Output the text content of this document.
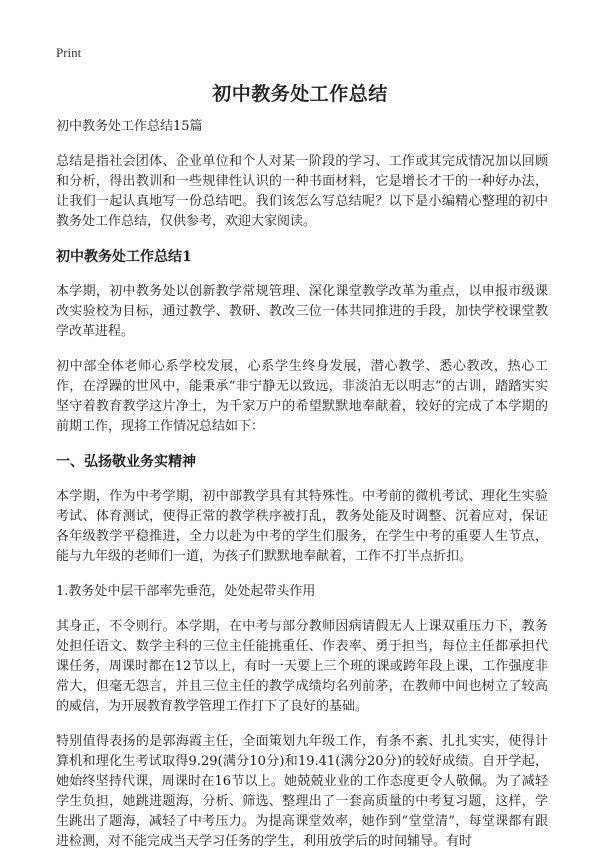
Print
初中教务处工作总结
初中教务处工作总结15篇

总结是指社会团体、企业单位和个人对某一阶段的学习、工作或其完成情况加以回顾和分析，得出教训和一些规律性认识的一种书面材料，它是增长才干的一种好办法，让我们一起认真地写一份总结吧。我们该怎么写总结呢？以下是小编精心整理的初中教务处工作总结，仅供参考，欢迎大家阅读。

初中教务处工作总结1

本学期，初中教务处以创新教学常规管理、深化课堂教学改革为重点，以申报市级课改实验校为目标，通过教学、教研、教改三位一体共同推进的手段，加快学校课堂教学改革进程。

初中部全体老师心系学校发展，心系学生终身发展，潜心教学、悉心教改，热心工作，在浮躁的世风中，能秉承“非宁静无以致远，非淡泊无以明志”的古训，踏踏实实坚守着教育教学这片净土，为千家万户的希望默默地奉献着，较好的完成了本学期的前期工作，现将工作情况总结如下：

一、弘扬敬业务实精神

本学期，作为中考学期，初中部教学具有其特殊性。中考前的微机考试、理化生实验考试、体育测试，使得正常的教学秩序被打乱，教务处能及时调整、沉着应对，保证各年级教学平稳推进，全力以赴为中考的学生们服务，在学生中考的重要人生节点，能与九年级的老师们一道，为孩子们默默地奉献着，工作不打半点折扣。

1.教务处中层干部率先垂范，处处起带头作用

其身正，不令则行。本学期，在中考与部分教师因病请假无人上课双重压力下，教务处担任语文、数学主科的三位主任能挑重任、作表率、勇于担当，每位主任都承担代课任务，周课时都在12节以上，有时一天要上三个班的课或跨年段上课，工作强度非常大，但毫无怨言，并且三位主任的教学成绩均名列前茅，在教师中间也树立了较高的威信，为开展教育教学管理工作打下了良好的基础。

特别值得表扬的是郭海霞主任，全面策划九年级工作，有条不紊、扎扎实实，使得计算机和理化生考试取得9.29(满分10分)和19.41(满分20分)的较好成绩。自开学起，她始终坚持代课，周课时在16节以上。她兢兢业业的工作态度更令人敬佩。为了减轻学生负担，她跳进题海，分析、筛选、整理出了一套高质量的中考复习题，这样，学生跳出了题海，减轻了中考压力。为提高课堂效率，她作到“堂堂清”，每堂课都有跟进检测，对不能完成当天学习任务的学生，利用放学后的时间辅导。有时
